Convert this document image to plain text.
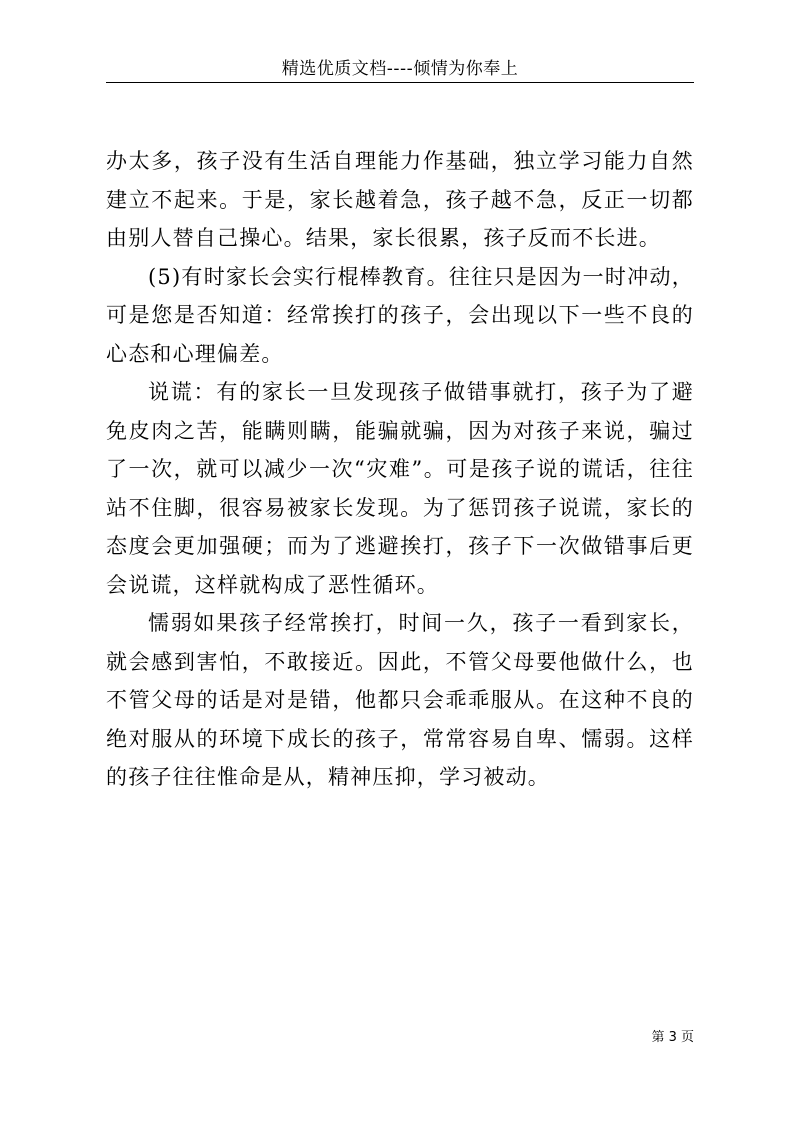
精选优质文档----倾情为你奉上

办太多，孩子没有生活自理能力作基础，独立学习能力自然建立不起来。于是，家长越着急，孩子越不急，反正一切都由别人替自己操心。结果，家长很累，孩子反而不长进。

(5)有时家长会实行棍棒教育。往往只是因为一时冲动，可是您是否知道：经常挨打的孩子，会出现以下一些不良的心态和心理偏差。

说谎：有的家长一旦发现孩子做错事就打，孩子为了避免皮肉之苦，能瞒则瞒，能骗就骗，因为对孩子来说，骗过了一次，就可以减少一次“灾难”。可是孩子说的谎话，往往站不住脚，很容易被家长发现。为了惩罚孩子说谎，家长的态度会更加强硬；而为了逃避挨打，孩子下一次做错事后更会说谎，这样就构成了恶性循环。

懦弱如果孩子经常挨打，时间一久，孩子一看到家长，就会感到害怕，不敢接近。因此，不管父母要他做什么，也不管父母的话是对是错，他都只会乖乖服从。在这种不良的绝对服从的环境下成长的孩子，常常容易自卑、懦弱。这样的孩子往往惟命是从，精神压抑，学习被动。

第 3 页
